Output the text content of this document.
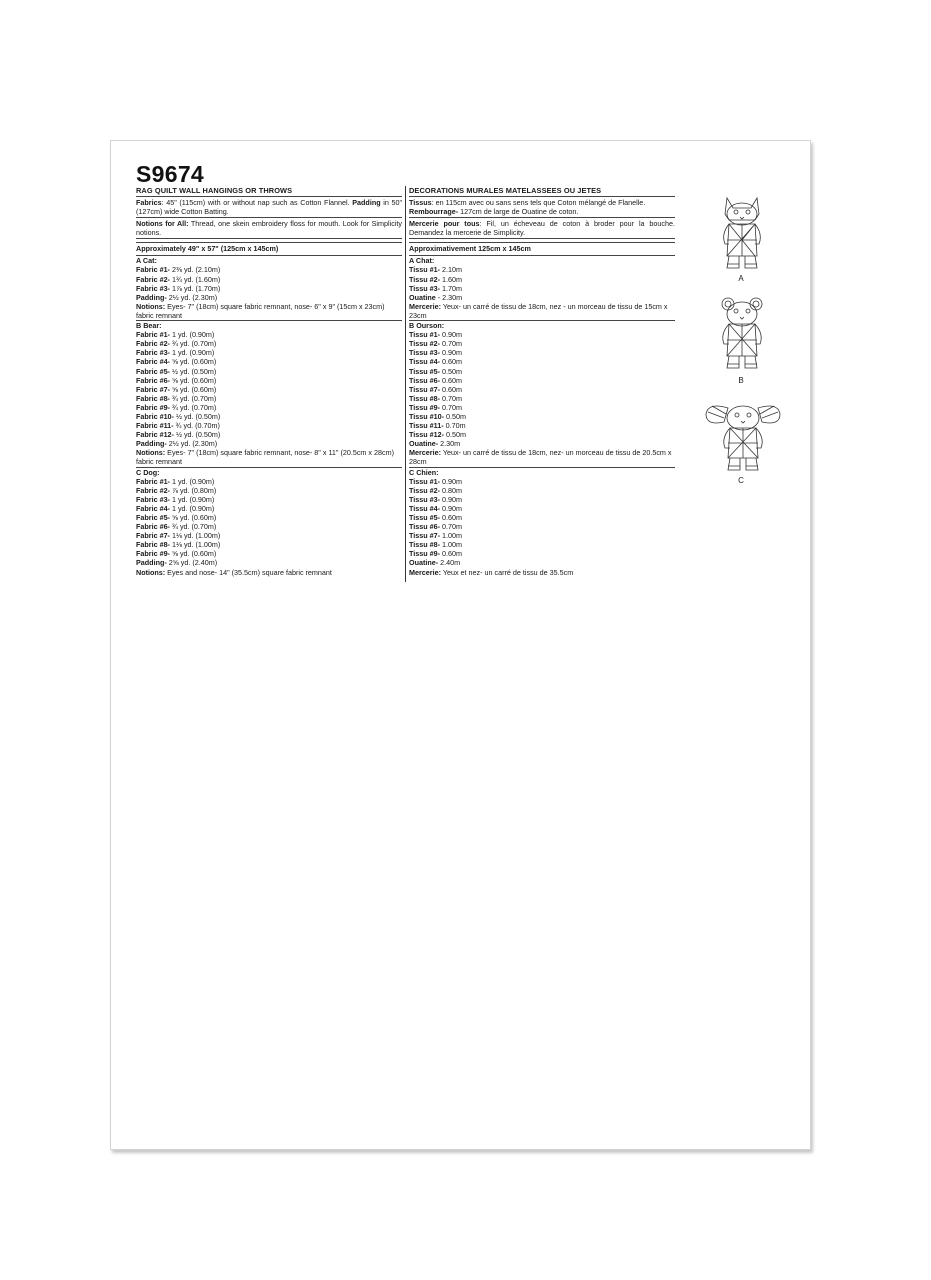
S9674
RAG QUILT WALL HANGINGS OR THROWS
Fabrics: 45" (115cm) with or without nap such as Cotton Flannel. Padding in 50" (127cm) wide Cotton Batting.
Notions for All: Thread, one skein embroidery floss for mouth. Look for Simplicity notions.
Approximately 49" x 57" (125cm x 145cm)
A Cat:
Fabric #1- 2⅜ yd. (2.10m)
Fabric #2- 1¾ yd. (1.60m)
Fabric #3- 1⅞ yd. (1.70m)
Padding- 2½ yd. (2.30m)
Notions: Eyes- 7" (18cm) square fabric remnant, nose- 6" x 9" (15cm x 23cm) fabric remnant
B Bear:
Fabric #1- 1 yd. (0.90m)
Fabric #2- ¾ yd. (0.70m)
Fabric #3- 1 yd. (0.90m)
Fabric #4- ⅝ yd. (0.60m)
Fabric #5- ½ yd. (0.50m)
Fabric #6- ⅝ yd. (0.60m)
Fabric #7- ⅝ yd. (0.60m)
Fabric #8- ¾ yd. (0.70m)
Fabric #9- ¾ yd. (0.70m)
Fabric #10- ½ yd. (0.50m)
Fabric #11- ¾ yd. (0.70m)
Fabric #12- ½ yd. (0.50m)
Padding- 2½ yd. (2.30m)
Notions: Eyes- 7" (18cm) square fabric remnant, nose- 8" x 11" (20.5cm x 28cm) fabric remnant
C Dog:
Fabric #1- 1 yd. (0.90m)
Fabric #2- ⅞ yd. (0.80m)
Fabric #3- 1 yd. (0.90m)
Fabric #4- 1 yd. (0.90m)
Fabric #5- ⅝ yd. (0.60m)
Fabric #6- ¾ yd. (0.70m)
Fabric #7- 1⅛ yd. (1.00m)
Fabric #8- 1⅛ yd. (1.00m)
Fabric #9- ⅝ yd. (0.60m)
Padding- 2⅝ yd. (2.40m)
Notions: Eyes and nose- 14" (35.5cm) square fabric remnant
DECORATIONS MURALES MATELASSEES OU JETES
Tissus: en 115cm avec ou sans sens tels que Coton mélangé de Flanelle.
Rembourrage- 127cm de large de Ouatine de coton.
Mercerie pour tous: Fil, un écheveau de coton à broder pour la bouche. Demandez la mercerie de Simplicity.
Approximativement 125cm x 145cm
A Chat:
Tissu #1- 2.10m
Tissu #2- 1.60m
Tissu #3- 1.70m
Ouatine - 2.30m
Mercerie: Yeux- un carré de tissu de 18cm, nez - un morceau de tissu de 15cm x 23cm
B Ourson:
Tissu #1- 0.90m
Tissu #2- 0.70m
Tissu #3- 0.90m
Tissu #4- 0.60m
Tissu #5- 0.50m
Tissu #6- 0.60m
Tissu #7- 0.60m
Tissu #8- 0.70m
Tissu #9- 0.70m
Tissu #10- 0.50m
Tissu #11- 0.70m
Tissu #12- 0.50m
Ouatine- 2.30m
Mercerie: Yeux- un carré de tissu de 18cm, nez- un morceau de tissu de 20.5cm x 28cm
C Chien:
Tissu #1- 0.90m
Tissu #2- 0.80m
Tissu #3- 0.90m
Tissu #4- 0.90m
Tissu #5- 0.60m
Tissu #6- 0.70m
Tissu #7- 1.00m
Tissu #8- 1.00m
Tissu #9- 0.60m
Ouatine- 2.40m
Mercerie: Yeux et nez- un carré de tissu de 35.5cm
A
B
C
